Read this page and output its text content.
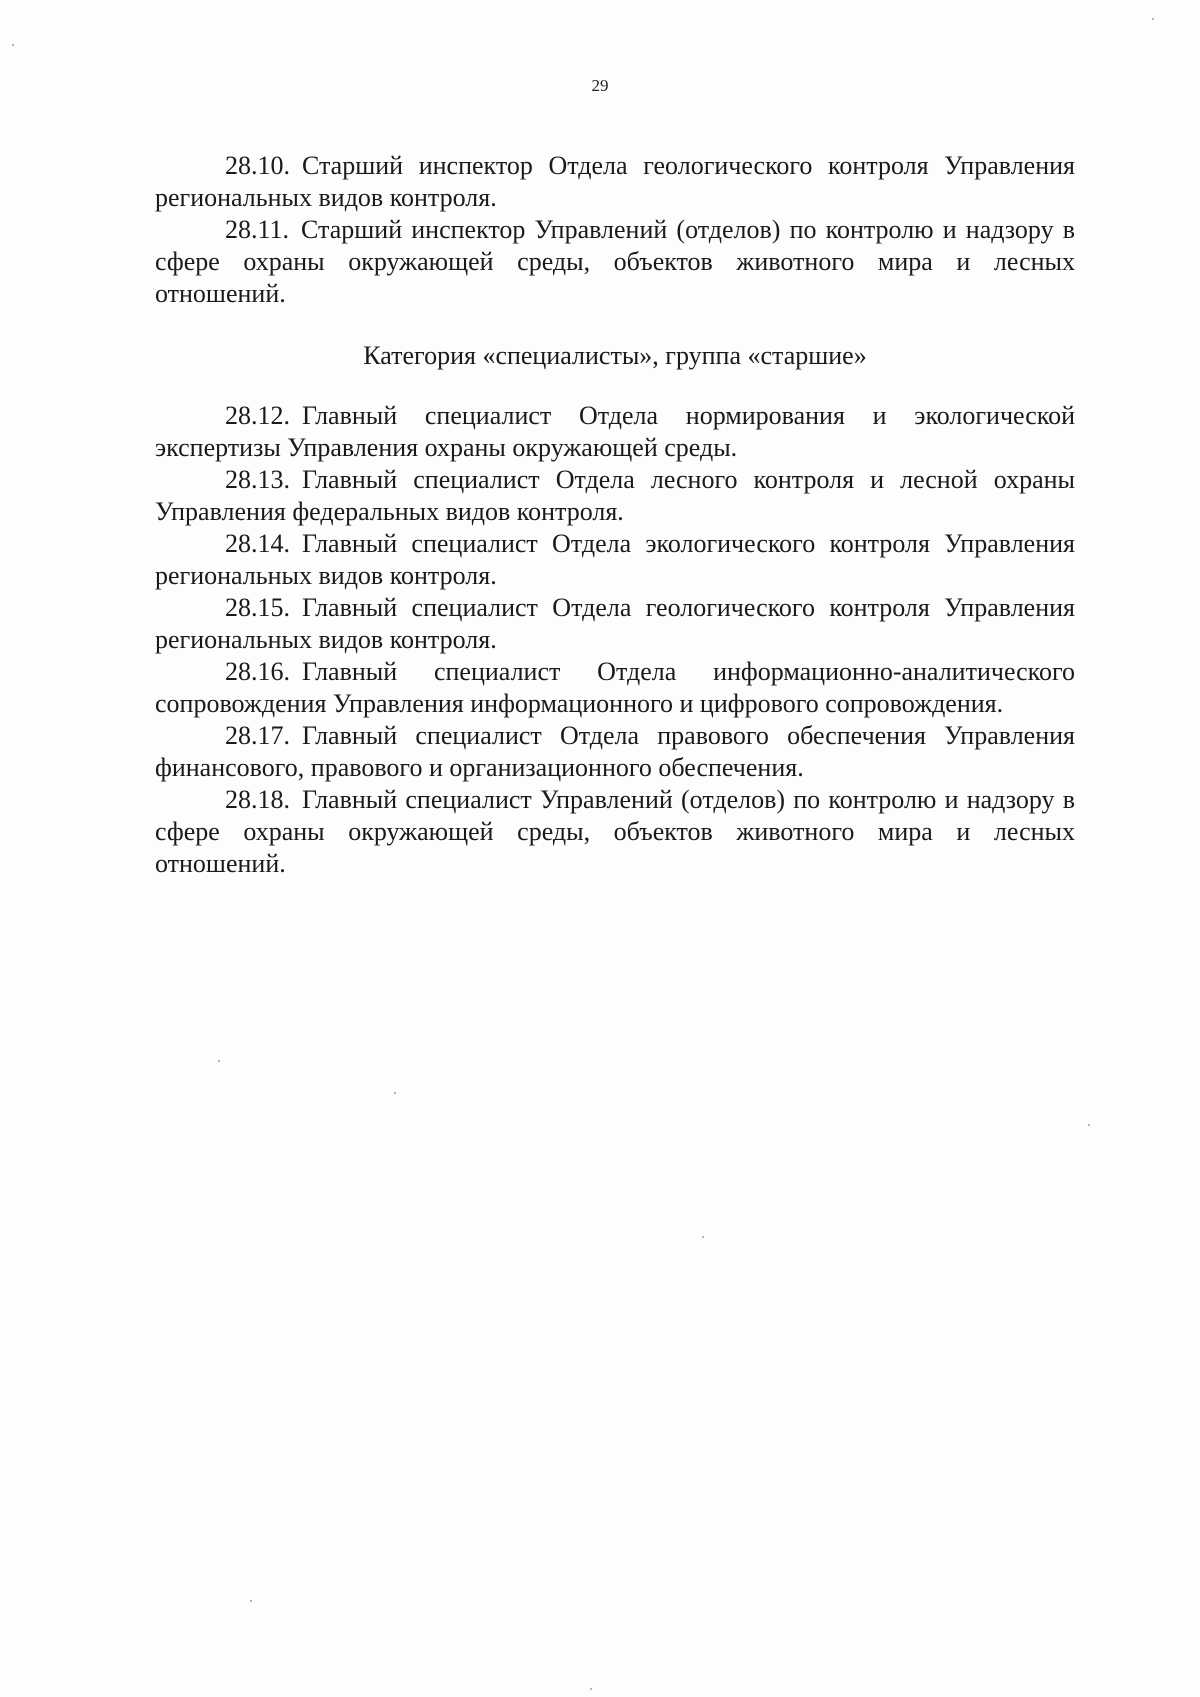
29

28.10. Старший инспектор Отдела геологического контроля Управления региональных видов контроля.

28.11. Старший инспектор Управлений (отделов) по контролю и надзору в сфере охраны окружающей среды, объектов животного мира и лесных отношений.

Категория «специалисты», группа «старшие»

28.12. Главный специалист Отдела нормирования и экологической экспертизы Управления охраны окружающей среды.

28.13. Главный специалист Отдела лесного контроля и лесной охраны Управления федеральных видов контроля.

28.14. Главный специалист Отдела экологического контроля Управления региональных видов контроля.

28.15. Главный специалист Отдела геологического контроля Управления региональных видов контроля.

28.16. Главный специалист Отдела информационно-аналитического сопровождения Управления информационного и цифрового сопровождения.

28.17. Главный специалист Отдела правового обеспечения Управления финансового, правового и организационного обеспечения.

28.18. Главный специалист Управлений (отделов) по контролю и надзору в сфере охраны окружающей среды, объектов животного мира и лесных отношений.
